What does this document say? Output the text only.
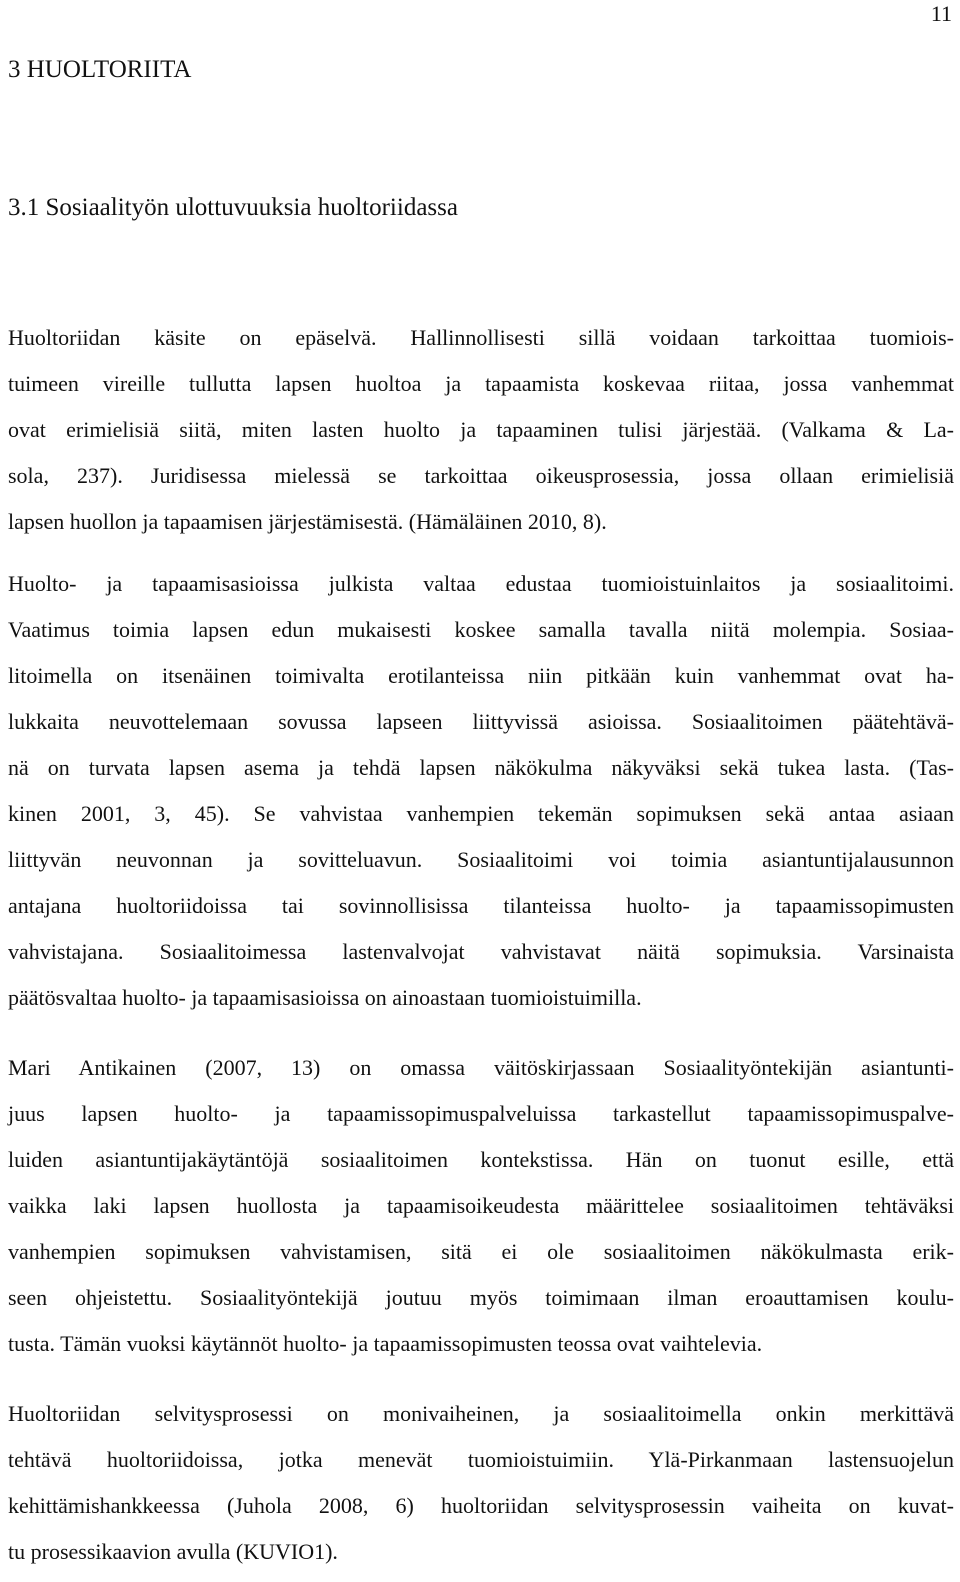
11
3 HUOLTORIITA
3.1 Sosiaalityön ulottuvuuksia huoltoriidassa
Huoltoriidan käsite on epäselvä. Hallinnollisesti sillä voidaan tarkoittaa tuomiois-
tuimeen vireille tullutta lapsen huoltoa ja tapaamista koskevaa riitaa, jossa vanhemmat
ovat erimielisiä siitä, miten lasten huolto ja tapaaminen tulisi järjestää. (Valkama & La-
sola, 237). Juridisessa mielessä se tarkoittaa oikeusprosessia, jossa ollaan erimielisiä
lapsen huollon ja tapaamisen järjestämisestä. (Hämäläinen 2010, 8).
Huolto- ja tapaamisasioissa julkista valtaa edustaa tuomioistuinlaitos ja sosiaalitoimi.
Vaatimus toimia lapsen edun mukaisesti koskee samalla tavalla niitä molempia. Sosiaa-
litoimella on itsenäinen toimivalta erotilanteissa niin pitkään kuin vanhemmat ovat ha-
lukkaita neuvottelemaan sovussa lapseen liittyvissä asioissa. Sosiaalitoimen päätehtävä-
nä on turvata lapsen asema ja tehdä lapsen näkökulma näkyväksi sekä tukea lasta. (Tas-
kinen 2001, 3, 45). Se vahvistaa vanhempien tekemän sopimuksen sekä antaa asiaan
liittyvän neuvonnan ja sovitteluavun. Sosiaalitoimi voi toimia asiantuntijalausunnon
antajana huoltoriidoissa tai sovinnollisissa tilanteissa huolto- ja tapaamissopimusten
vahvistajana. Sosiaalitoimessa lastenvalvojat vahvistavat näitä sopimuksia. Varsinaista
päätösvaltaa huolto- ja tapaamisasioissa on ainoastaan tuomioistuimilla.
Mari Antikainen (2007, 13) on omassa väitöskirjassaan Sosiaalityöntekijän asiantunti-
juus lapsen huolto- ja tapaamissopimuspalveluissa tarkastellut tapaamissopimuspalve-
luiden asiantuntijakäytäntöjä sosiaalitoimen kontekstissa. Hän on tuonut esille, että
vaikka laki lapsen huollosta ja tapaamisoikeudesta määrittelee sosiaalitoimen tehtäväksi
vanhempien sopimuksen vahvistamisen, sitä ei ole sosiaalitoimen näkökulmasta erik-
seen ohjeistettu. Sosiaalityöntekijä joutuu myös toimimaan ilman eroauttamisen koulu-
tusta. Tämän vuoksi käytännöt huolto- ja tapaamissopimusten teossa ovat vaihtelevia.
Huoltoriidan selvitysprosessi on monivaiheinen, ja sosiaalitoimella onkin merkittävä
tehtävä huoltoriidoissa, jotka menevät tuomioistuimiin. Ylä-Pirkanmaan lastensuojelun
kehittämishankkeessa (Juhola 2008, 6) huoltoriidan selvitysprosessin vaiheita on kuvat-
tu prosessikaavion avulla (KUVIO1).
